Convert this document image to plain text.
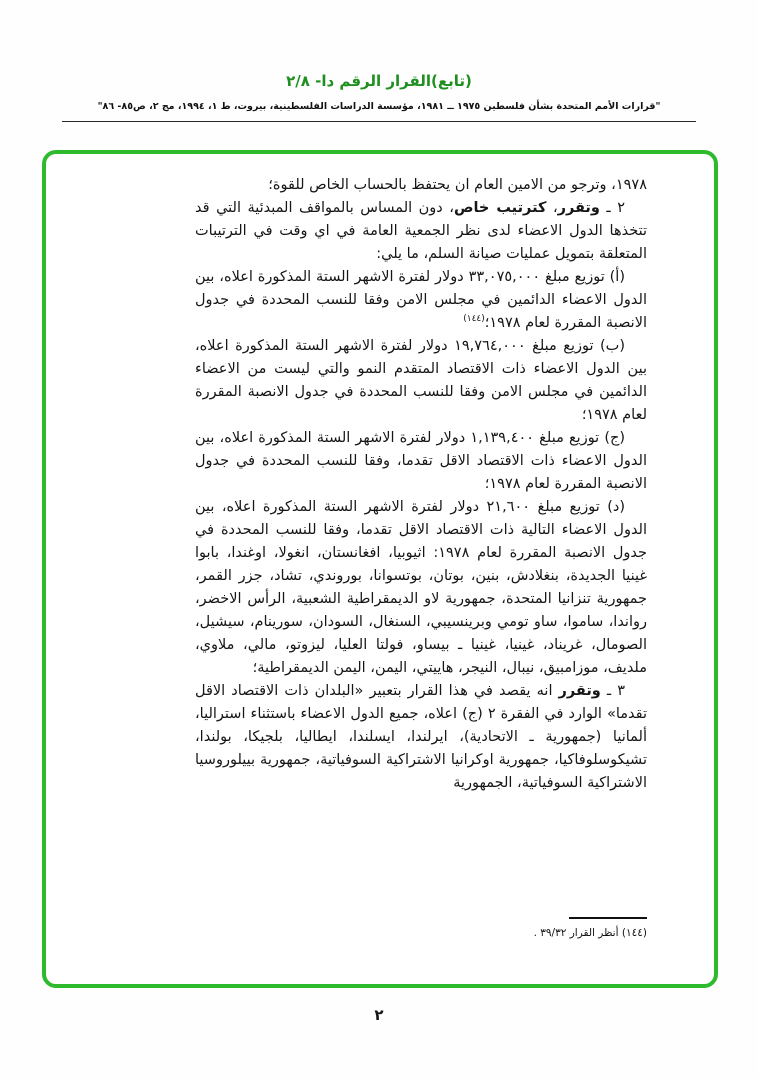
(تابع)القرار الرقم دا- ٢/٨
"قرارات الأمم المتحدة بشأن فلسطين ١٩٧٥ ــ ١٩٨١، مؤسسة الدراسات الفلسطينية، بيروت، ط ١، ١٩٩٤، مج ٢، ص٨٥- ٨٦"

١٩٧٨، وترجو من الامين العام ان يحتفظ بالحساب الخاص للقوة؛

٢ ـ وتقرر، كترتيب خاص، دون المساس بالمواقف المبدئية التي قد تتخذها الدول الاعضاء لدى نظر الجمعية العامة في اي وقت في الترتيبات المتعلقة بتمويل عمليات صيانة السلم، ما يلي:

(أ) توزيع مبلغ ٣٣,٠٧٥,٠٠٠ دولار لفترة الاشهر الستة المذكورة اعلاه، بين الدول الاعضاء الدائمين في مجلس الامن وفقا للنسب المحددة في جدول الانصبة المقررة لعام ١٩٧٨؛$^{(١٤٤)}$

(ب) توزيع مبلغ ١٩,٧٦٤,٠٠٠ دولار لفترة الاشهر الستة المذكورة اعلاه، بين الدول الاعضاء ذات الاقتصاد المتقدم النمو والتي ليست من الاعضاء الدائمين في مجلس الامن وفقا للنسب المحددة في جدول الانصبة المقررة لعام ١٩٧٨؛

(ج) توزيع مبلغ ١,١٣٩,٤٠٠ دولار لفترة الاشهر الستة المذكورة اعلاه، بين الدول الاعضاء ذات الاقتصاد الاقل تقدما، وفقا للنسب المحددة في جدول الانصبة المقررة لعام ١٩٧٨؛

(د) توزيع مبلغ ٢١,٦٠٠ دولار لفترة الاشهر الستة المذكورة اعلاه، بين الدول الاعضاء التالية ذات الاقتصاد الاقل تقدما، وفقا للنسب المحددة في جدول الانصبة المقررة لعام ١٩٧٨: اثيوبيا، افغانستان، انغولا، اوغندا، بابوا غينيا الجديدة، بنغلادش، بنين، بوتان، بوتسوانا، بوروندي، تشاد، جزر القمر، جمهورية تنزانيا المتحدة، جمهورية لاو الديمقراطية الشعبية، الرأس الاخضر، رواندا، ساموا، ساو تومي وبرينسيبي، السنغال، السودان، سورينام، سيشيل، الصومال، غريناد، غينيا، غينيا ـ بيساو، فولتا العليا، ليزوتو، مالي، ملاوي، ملديف، موزامبيق، نيبال، النيجر، هاييتي، اليمن، اليمن الديمقراطية؛

٣ ـ وتقرر انه يقصد في هذا القرار بتعبير «البلدان ذات الاقتصاد الاقل تقدما» الوارد في الفقرة ٢ (ج) اعلاه، جميع الدول الاعضاء باستثناء استراليا، ألمانيا (جمهورية ـ الاتحادية)، ايرلندا، ايسلندا، ايطاليا، بلجيكا، بولندا، تشيكوسلوفاكيا، جمهورية اوكرانيا الاشتراكية السوفياتية، جمهورية بييلوروسيا الاشتراكية السوفياتية، الجمهورية

(١٤٤) أنظر القرار ٣٩/٣٢ .
٢
